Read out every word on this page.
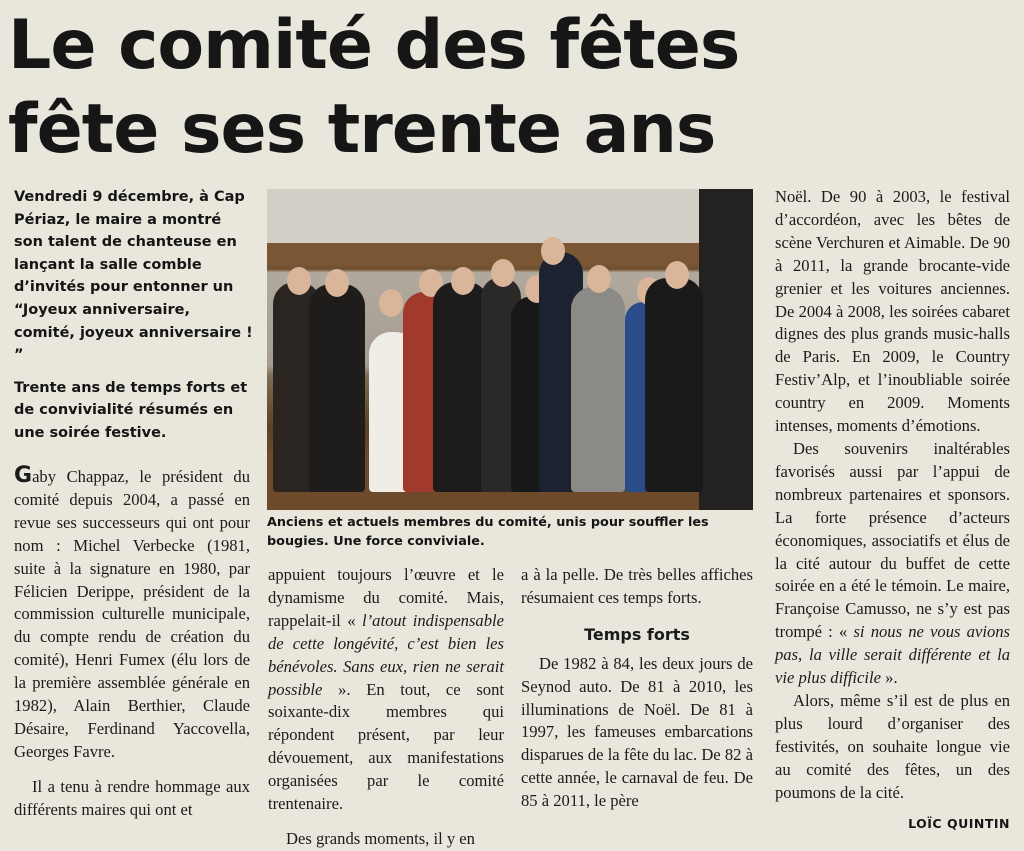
Le comité des fêtes
fête ses trente ans

Vendredi 9 décembre, à Cap Périaz, le maire a montré son talent de chanteuse en lançant la salle comble d’invités pour entonner un “Joyeux anniversaire, comité, joyeux anniversaire ! ”

Trente ans de temps forts et de convivialité résumés en une soirée festive.

Anciens et actuels membres du comité, unis pour souffler les bougies. Une force conviviale.

Gaby Chappaz, le président du comité depuis 2004, a passé en revue ses successeurs qui ont pour nom : Michel Verbecke (1981, suite à la signature en 1980, par Félicien Derippe, président de la commission culturelle municipale, du compte rendu de création du comité), Henri Fumex (élu lors de la première assemblée générale en 1982), Alain Berthier, Claude Désaire, Ferdinand Yaccovella, Georges Favre.

Il a tenu à rendre hommage aux différents maires qui ont et

appuient toujours l’œuvre et le dynamisme du comité. Mais, rappelait-il « l’atout indispensable de cette longévité, c’est bien les bénévoles. Sans eux, rien ne serait possible ». En tout, ce sont soixante-dix membres qui répondent présent, par leur dévouement, aux manifestations organisées par le comité trentenaire.

Des grands moments, il y en

a à la pelle. De très belles affiches résumaient ces temps forts.

Temps forts

De 1982 à 84, les deux jours de Seynod auto. De 81 à 2010, les illuminations de Noël. De 81 à 1997, les fameuses embarcations disparues de la fête du lac. De 82 à cette année, le carnaval de feu. De 85 à 2011, le père

Noël. De 90 à 2003, le festival d’accordéon, avec les bêtes de scène Verchuren et Aimable. De 90 à 2011, la grande brocante-vide grenier et les voitures anciennes. De 2004 à 2008, les soirées cabaret dignes des plus grands music-halls de Paris. En 2009, le Country Festiv’Alp, et l’inoubliable soirée country en 2009. Moments intenses, moments d’émotions.

Des souvenirs inaltérables favorisés aussi par l’appui de nombreux partenaires et sponsors. La forte présence d’acteurs économiques, associatifs et élus de la cité autour du buffet de cette soirée en a été le témoin. Le maire, Françoise Camusso, ne s’y est pas trompé : « si nous ne vous avions pas, la ville serait différente et la vie plus difficile ».

Alors, même s’il est de plus en plus lourd d’organiser des festivités, on souhaite longue vie au comité des fêtes, un des poumons de la cité.

LOÏC QUINTIN
